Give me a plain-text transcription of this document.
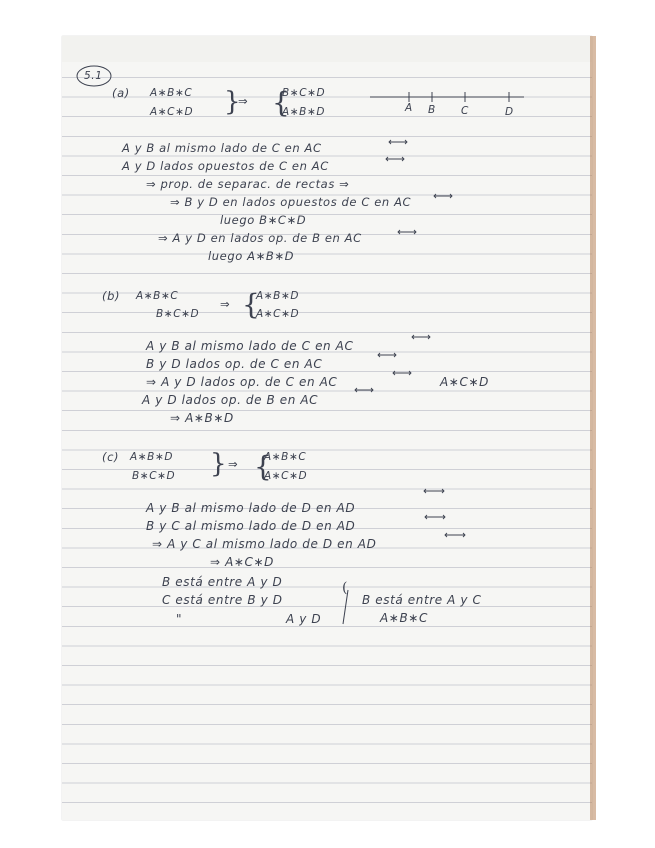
} {
{
} {
(
5.1
(a) A∗B∗C
A∗C∗D
⇒
B∗C∗D
A∗B∗D	A B C	D
A y B al mismo lado de C en AC
A y D lados opuestos de C en AC
⇒ prop. de separac. de rectas ⇒
⇒ B y D en lados opuestos de C en AC
luego B∗C∗D
⇒ A y D en lados op. de B en AC
luego A∗B∗D
(b) A∗B∗C
B∗C∗D
⇒
A∗B∗D
A∗C∗D
A y B al mismo lado de C en AC
B y D lados op. de C en AC
⇒ A y D lados op. de C en AC	A∗C∗D
A y D lados op. de B en AC
⇒ A∗B∗D
(c) A∗B∗D
B∗C∗D
⇒ A∗B∗C
A∗C∗D
A y B al mismo lado de D en AD
B y C al mismo lado de D en AD
⇒ A y C al mismo lado de D en AD
⇒ A∗C∗D
B está entre A y D
C está entre B y D
"	A y D
B está entre A y C
A∗B∗C
